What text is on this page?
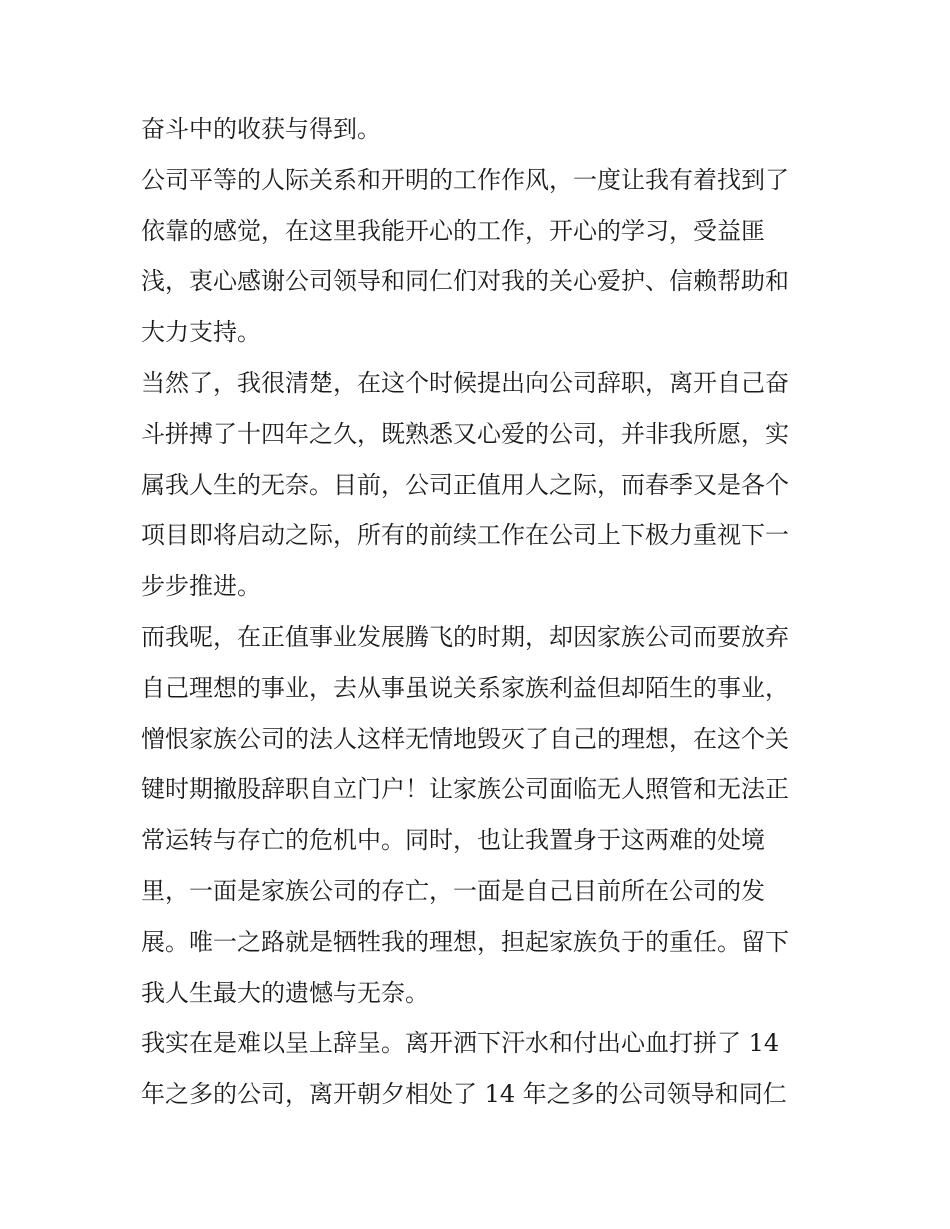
奋斗中的收获与得到。
公司平等的人际关系和开明的工作作风，一度让我有着找到了
依靠的感觉，在这里我能开心的工作，开心的学习，受益匪
浅，衷心感谢公司领导和同仁们对我的关心爱护、信赖帮助和
大力支持。
当然了，我很清楚，在这个时候提出向公司辞职，离开自己奋
斗拼搏了十四年之久，既熟悉又心爱的公司，并非我所愿，实
属我人生的无奈。目前，公司正值用人之际，而春季又是各个
项目即将启动之际，所有的前续工作在公司上下极力重视下一
步步推进。
而我呢，在正值事业发展腾飞的时期，却因家族公司而要放弃
自己理想的事业，去从事虽说关系家族利益但却陌生的事业，
憎恨家族公司的法人这样无情地毁灭了自己的理想，在这个关
键时期撤股辞职自立门户！让家族公司面临无人照管和无法正
常运转与存亡的危机中。同时，也让我置身于这两难的处境
里，一面是家族公司的存亡，一面是自己目前所在公司的发
展。唯一之路就是牺牲我的理想，担起家族负于的重任。留下
我人生最大的遗憾与无奈。
我实在是难以呈上辞呈。离开洒下汗水和付出心血打拼了 14
年之多的公司，离开朝夕相处了 14 年之多的公司领导和同仁
